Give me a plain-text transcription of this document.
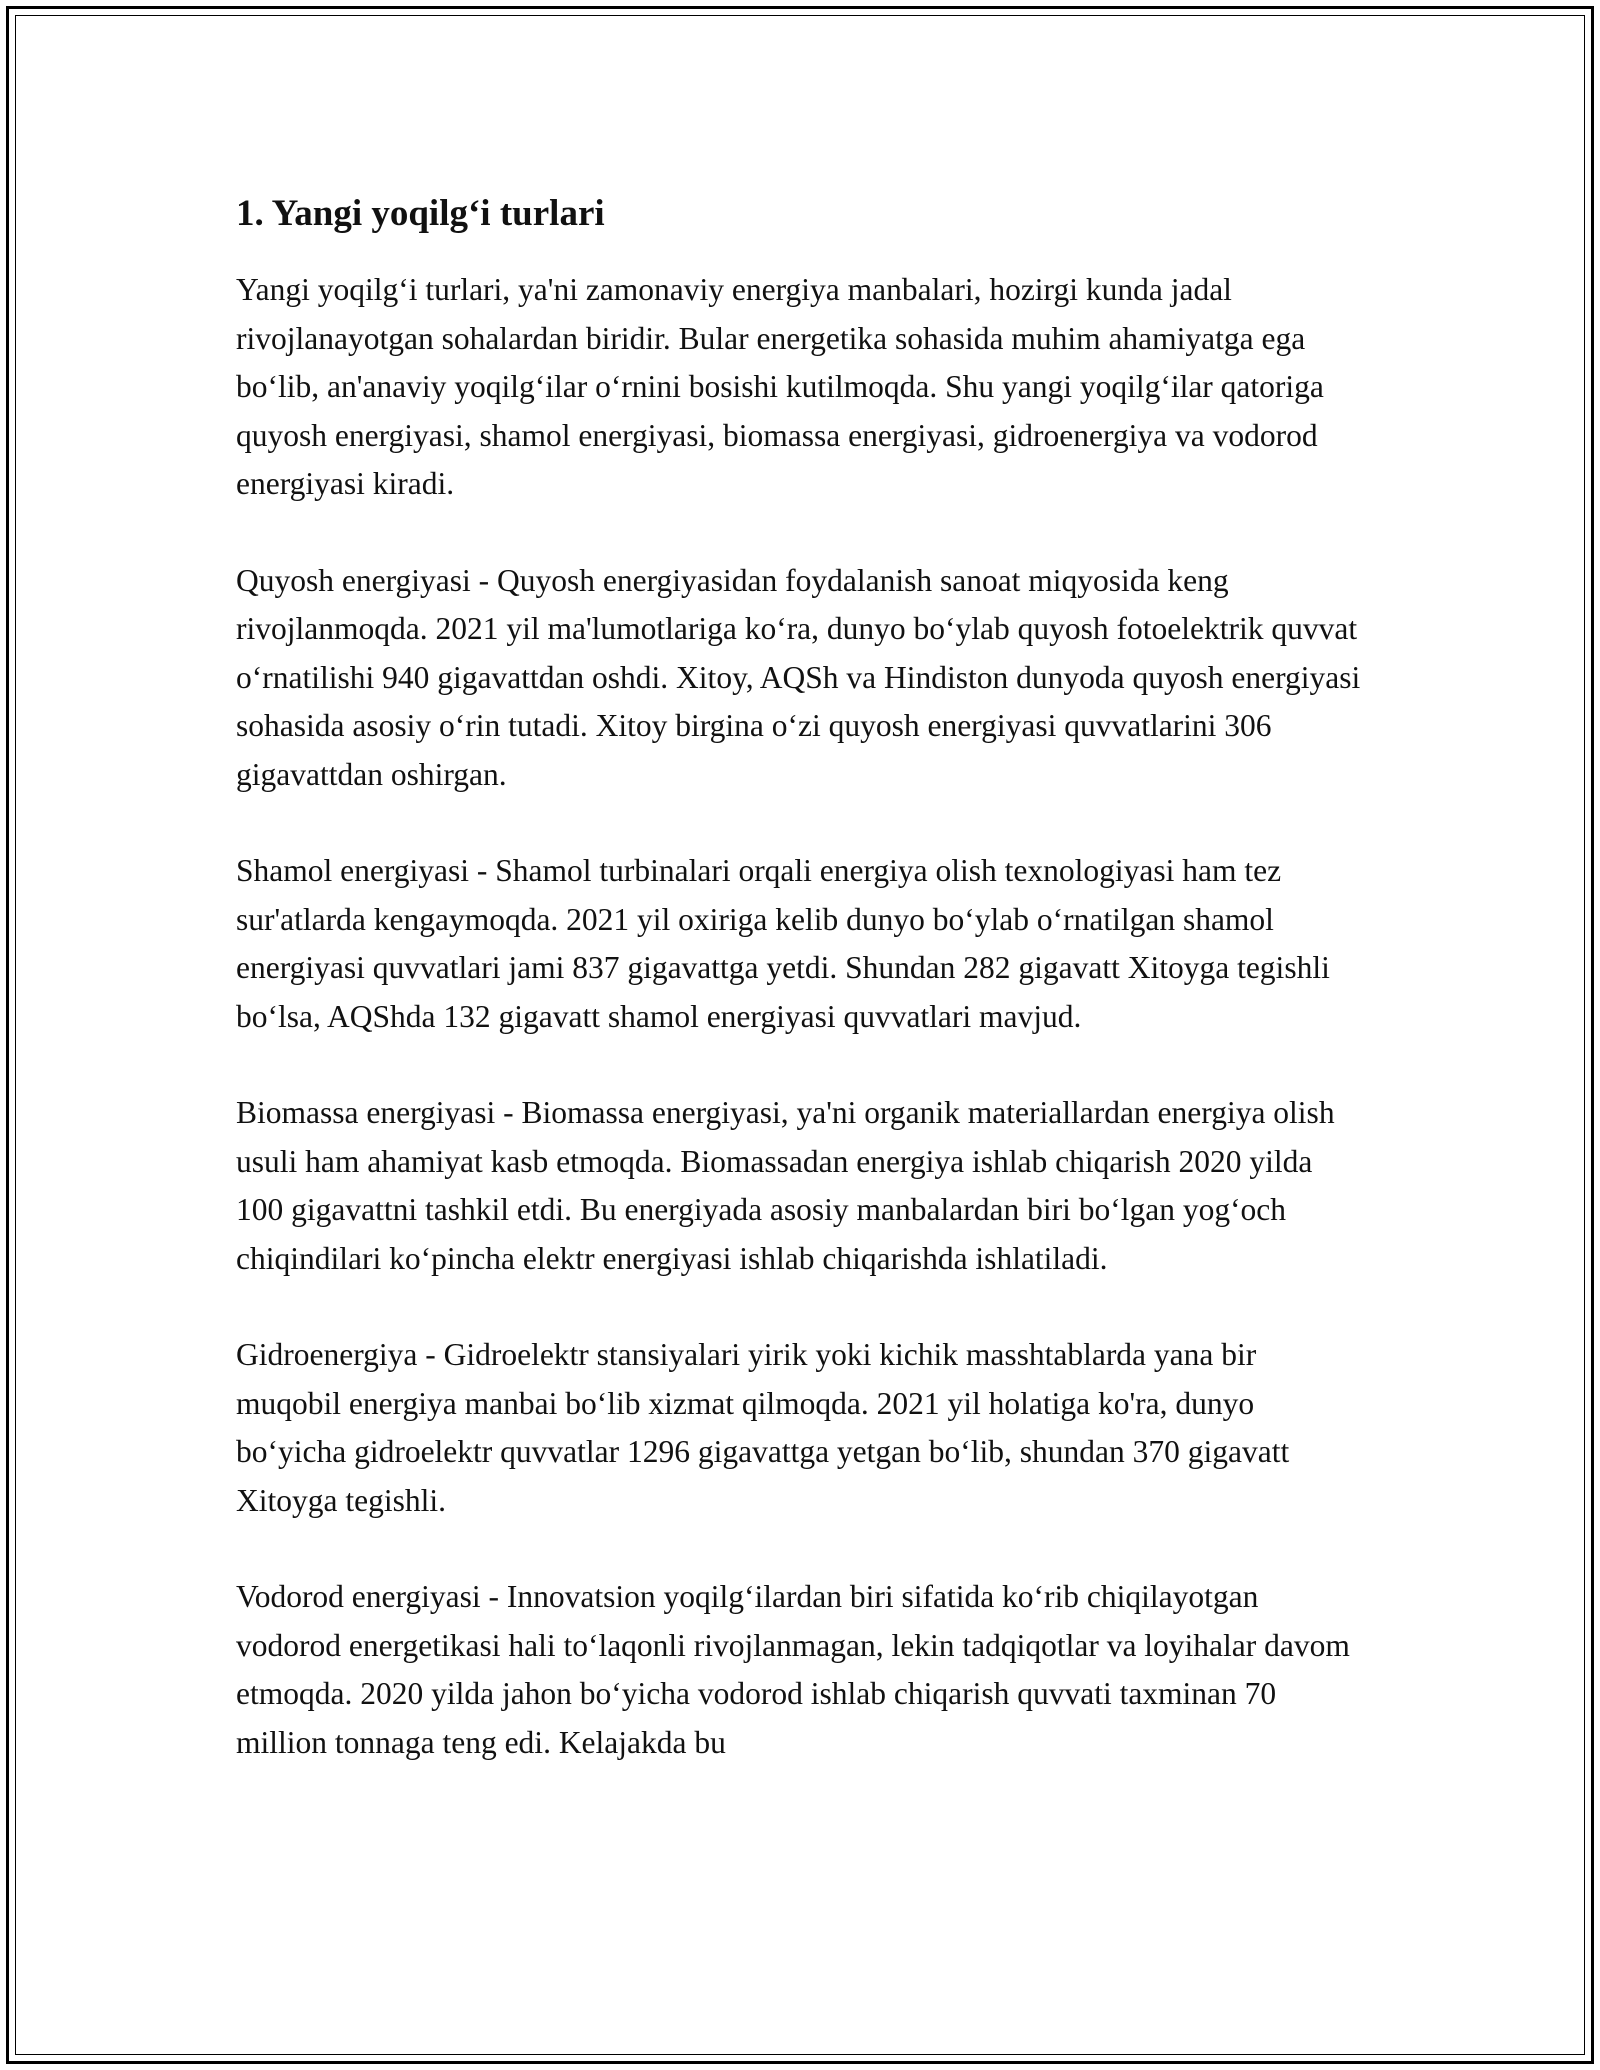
1. Yangi yoqilg‘i turlari

Yangi yoqilg‘i turlari, ya'ni zamonaviy energiya manbalari, hozirgi kunda jadal rivojlanayotgan sohalardan biridir. Bular energetika sohasida muhim ahamiyatga ega bo‘lib, an'anaviy yoqilg‘ilar o‘rnini bosishi kutilmoqda. Shu yangi yoqilg‘ilar qatoriga quyosh energiyasi, shamol energiyasi, biomassa energiyasi, gidroenergiya va vodorod energiyasi kiradi.

Quyosh energiyasi - Quyosh energiyasidan foydalanish sanoat miqyosida keng rivojlanmoqda. 2021 yil ma'lumotlariga ko‘ra, dunyo bo‘ylab quyosh fotoelektrik quvvat o‘rnatilishi 940 gigavattdan oshdi. Xitoy, AQSh va Hindiston dunyoda quyosh energiyasi sohasida asosiy o‘rin tutadi. Xitoy birgina o‘zi quyosh energiyasi quvvatlarini 306 gigavattdan oshirgan.

Shamol energiyasi - Shamol turbinalari orqali energiya olish texnologiyasi ham tez sur'atlarda kengaymoqda. 2021 yil oxiriga kelib dunyo bo‘ylab o‘rnatilgan shamol energiyasi quvvatlari jami 837 gigavattga yetdi. Shundan 282 gigavatt Xitoyga tegishli bo‘lsa, AQShda 132 gigavatt shamol energiyasi quvvatlari mavjud.

Biomassa energiyasi - Biomassa energiyasi, ya'ni organik materiallardan energiya olish usuli ham ahamiyat kasb etmoqda. Biomassadan energiya ishlab chiqarish 2020 yilda 100 gigavattni tashkil etdi. Bu energiyada asosiy manbalardan biri bo‘lgan yog‘och chiqindilari ko‘pincha elektr energiyasi ishlab chiqarishda ishlatiladi.

Gidroenergiya - Gidroelektr stansiyalari yirik yoki kichik masshtablarda yana bir muqobil energiya manbai bo‘lib xizmat qilmoqda. 2021 yil holatiga ko'ra, dunyo bo‘yicha gidroelektr quvvatlar 1296 gigavattga yetgan bo‘lib, shundan 370 gigavatt Xitoyga tegishli.

Vodorod energiyasi - Innovatsion yoqilg‘ilardan biri sifatida ko‘rib chiqilayotgan vodorod energetikasi hali to‘laqonli rivojlanmagan, lekin tadqiqotlar va loyihalar davom etmoqda. 2020 yilda jahon bo‘yicha vodorod ishlab chiqarish quvvati taxminan 70 million tonnaga teng edi. Kelajakda bu
